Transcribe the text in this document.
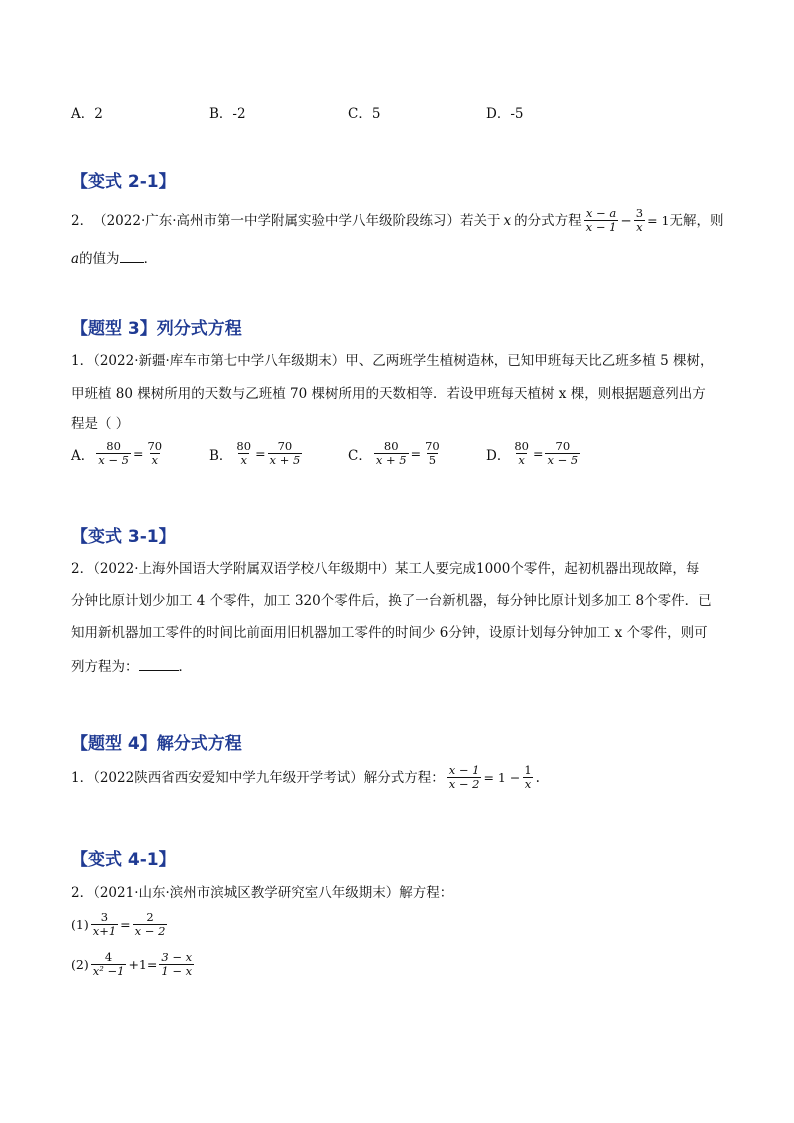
A．2	B．-2	C．5	D．-5
【变式 2-1】
2． （2022·广东·高州市第一中学附属实验中学八年级阶段练习）若关于 x 的分式方程 $\frac{x - a}{x - 1} - \frac{3}{x} = 1$ 无解，则
a的值为 ．
【题型 3】列分式方程
1．（2022·新疆·库车市第七中学八年级期末）甲、乙两班学生植树造林，已知甲班每天比乙班多植 5 棵树，
甲班植 80 棵树所用的天数与乙班植 70 棵树所用的天数相等．若设甲班每天植树 x 棵，则根据题意列出方
程是（ ）
A． $\frac{80}{x - 5} = \frac{70}{x}$	B． $\frac{80}{x} = \frac{70}{x + 5}$	C． $\frac{80}{x + 5} = \frac{70}{5}$	D． $\frac{80}{x} = \frac{70}{x - 5}$
【变式 3-1】
2．（2022·上海外国语大学附属双语学校八年级期中）某工人要完成1000个零件，起初机器出现故障，每
分钟比原计划少加工 4 个零件，加工 320个零件后，换了一台新机器，每分钟比原计划多加工 8个零件．已
知用新机器加工零件的时间比前面用旧机器加工零件的时间少 6分钟，设原计划每分钟加工 x 个零件，则可
列方程为：	．
【题型 4】解分式方程
1．（2022陕西省西安爱知中学九年级开学考试）解分式方程： $\frac{x - 1}{x - 2} = 1 - \frac{1}{x}$ .
【变式 4-1】
2．（2021·山东·滨州市滨城区教学研究室八年级期末）解方程：
$(1) \frac{3}{x+1} = \frac{2}{x - 2}$
$(2) \frac{4}{\text{x² −1}} +1= \frac{3 - x}{1 - x}$
